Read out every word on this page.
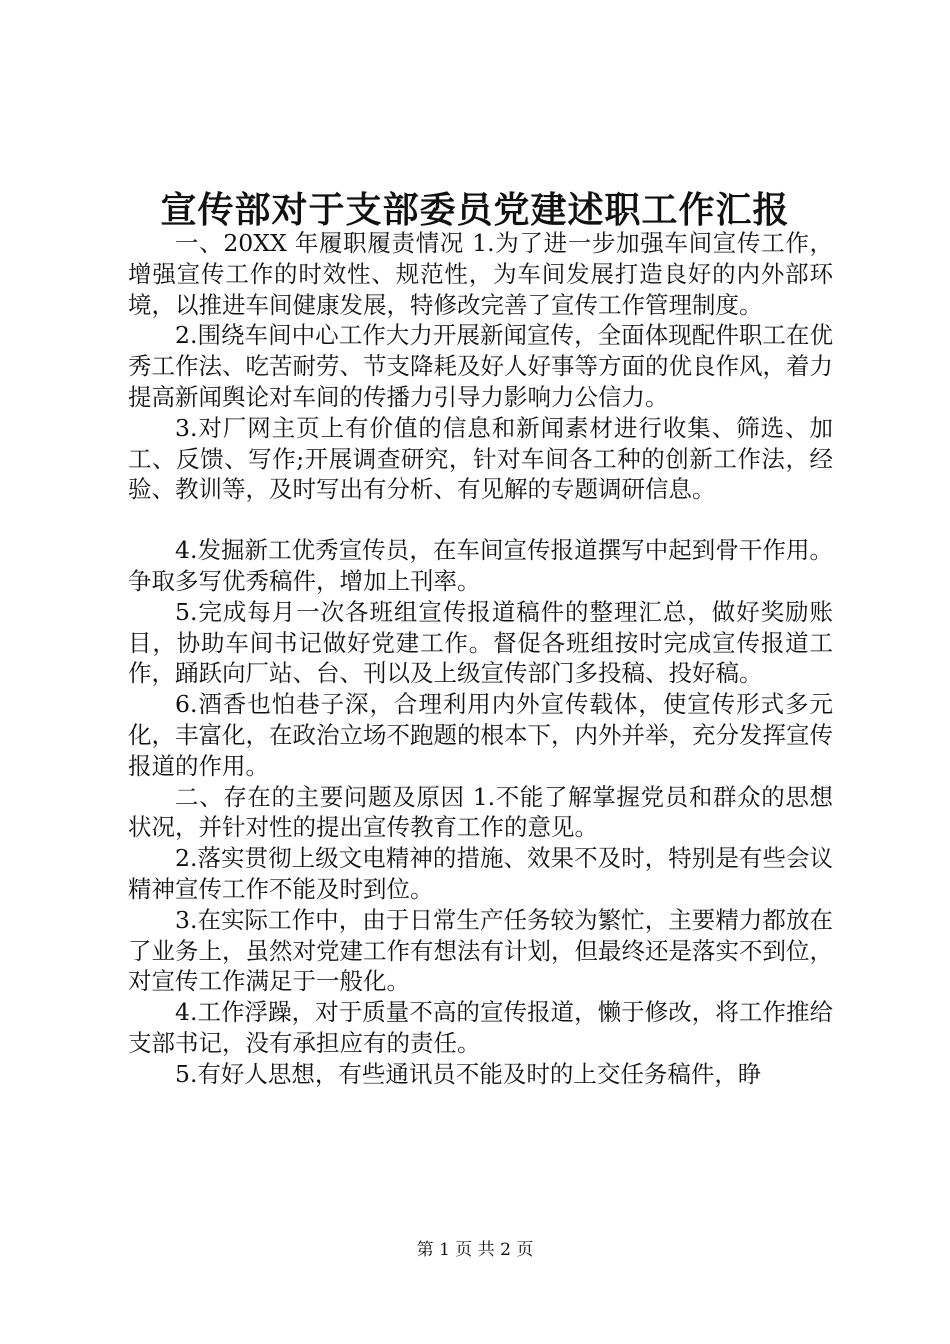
宣传部对于支部委员党建述职工作汇报

一、20XX 年履职履责情况 1.为了进一步加强车间宣传工作，增强宣传工作的时效性、规范性，为车间发展打造良好的内外部环境，以推进车间健康发展，特修改完善了宣传工作管理制度。

2.围绕车间中心工作大力开展新闻宣传，全面体现配件职工在优秀工作法、吃苦耐劳、节支降耗及好人好事等方面的优良作风，着力提高新闻舆论对车间的传播力引导力影响力公信力。

3.对厂网主页上有价值的信息和新闻素材进行收集、筛选、加工、反馈、写作;开展调查研究，针对车间各工种的创新工作法，经验、教训等，及时写出有分析、有见解的专题调研信息。

4.发掘新工优秀宣传员，在车间宣传报道撰写中起到骨干作用。争取多写优秀稿件，增加上刊率。

5.完成每月一次各班组宣传报道稿件的整理汇总，做好奖励账目，协助车间书记做好党建工作。督促各班组按时完成宣传报道工作，踊跃向厂站、台、刊以及上级宣传部门多投稿、投好稿。

6.酒香也怕巷子深，合理利用内外宣传载体，使宣传形式多元化，丰富化，在政治立场不跑题的根本下，内外并举，充分发挥宣传报道的作用。

二、存在的主要问题及原因 1.不能了解掌握党员和群众的思想状况，并针对性的提出宣传教育工作的意见。

2.落实贯彻上级文电精神的措施、效果不及时，特别是有些会议精神宣传工作不能及时到位。

3.在实际工作中，由于日常生产任务较为繁忙，主要精力都放在了业务上，虽然对党建工作有想法有计划，但最终还是落实不到位，对宣传工作满足于一般化。

4.工作浮躁，对于质量不高的宣传报道，懒于修改，将工作推给支部书记，没有承担应有的责任。

5.有好人思想，有些通讯员不能及时的上交任务稿件，睁

第 1 页 共 2 页
